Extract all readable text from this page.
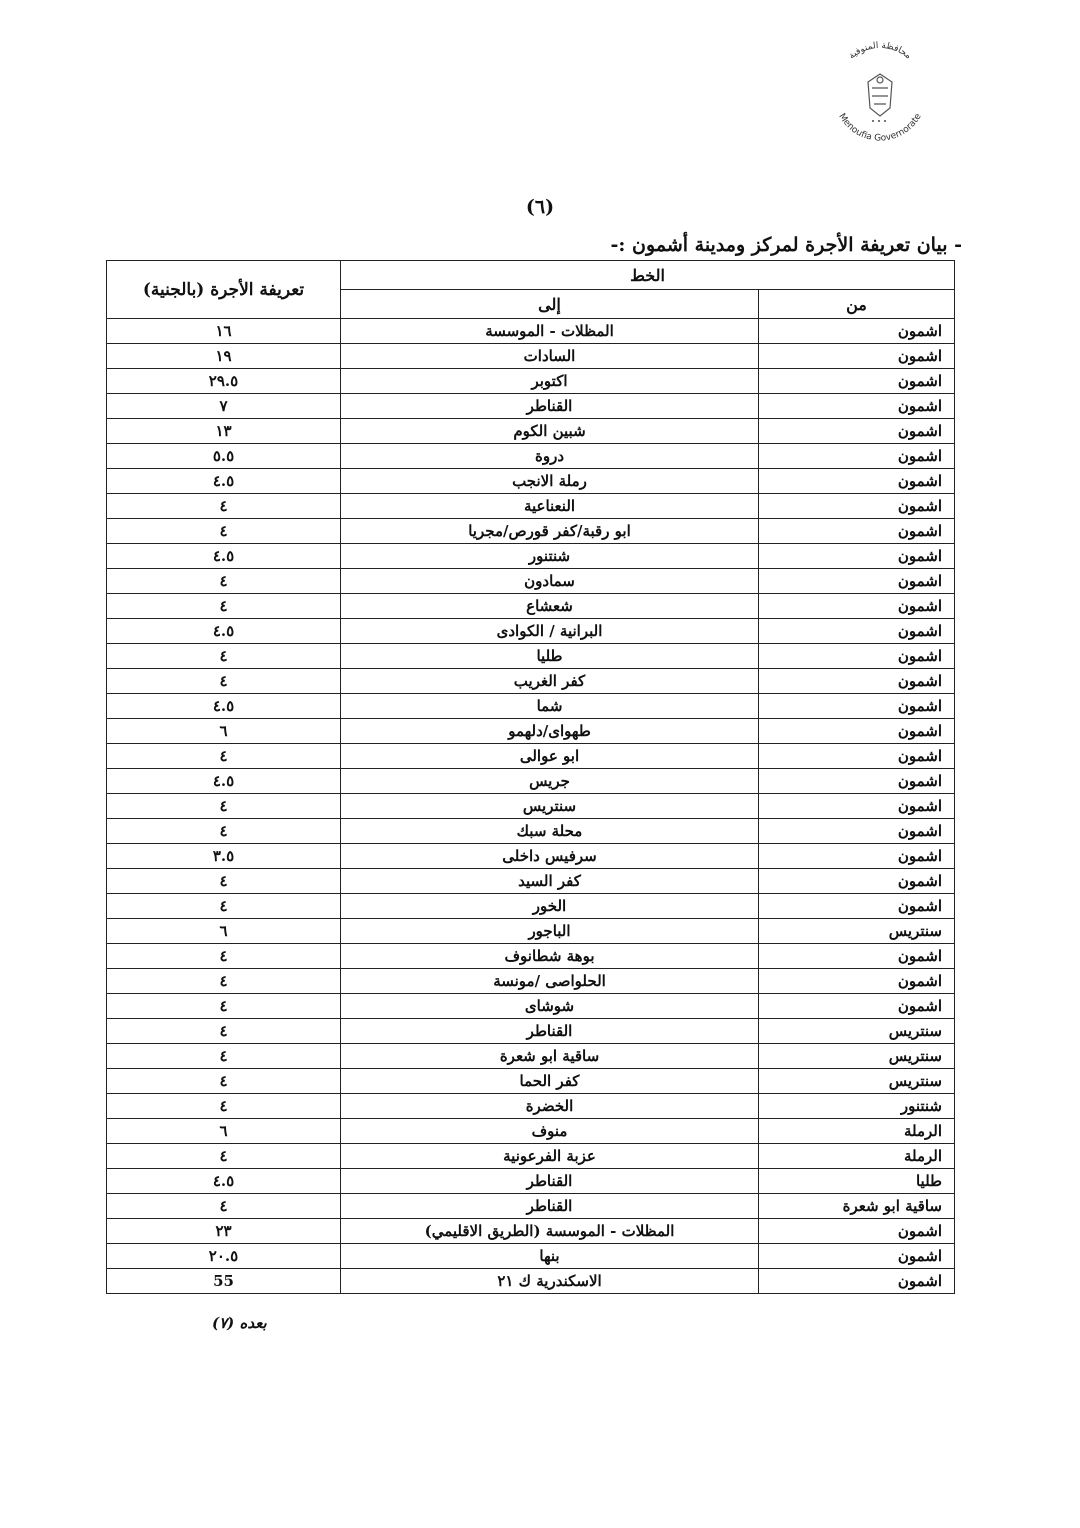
محافظة المنوفية
Menoufia Governorate
(٦)
- بيان تعريفة الأجرة لمركز ومدينة أشمون :-
الخط		تعريفة الأجرة (بالجنية)
من	إلى	
اشمون	المظلات - الموسسة	١٦
اشمون	السادات	١٩
اشمون	اكتوبر	٢٩.٥
اشمون	القناطر	٧
اشمون	شبين الكوم	١٣
اشمون	دروة	٥.٥
اشمون	رملة الانجب	٤.٥
اشمون	النعناعية	٤
اشمون	ابو رقبة/كفر قورص/مجريا	٤
اشمون	شنتنور	٤.٥
اشمون	سمادون	٤
اشمون	شعشاع	٤
اشمون	البرانية / الكوادى	٤.٥
اشمون	طليا	٤
اشمون	كفر الغريب	٤
اشمون	شما	٤.٥
اشمون	طهواى/دلهمو	٦
اشمون	ابو عوالى	٤
اشمون	جريس	٤.٥
اشمون	سنتريس	٤
اشمون	محلة سبك	٤
اشمون	سرفيس داخلى	٣.٥
اشمون	كفر السيد	٤
اشمون	الخور	٤
سنتريس	الباجور	٦
اشمون	بوهة شطانوف	٤
اشمون	الحلواصى /مونسة	٤
اشمون	شوشاى	٤
سنتريس	القناطر	٤
سنتريس	ساقية ابو شعرة	٤
سنتريس	كفر الحما	٤
شنتنور	الخضرة	٤
الرملة	منوف	٦
الرملة	عزبة الفرعونية	٤
طليا	القناطر	٤.٥
ساقية ابو شعرة	القناطر	٤
اشمون	المظلات - الموسسة (الطريق الاقليمي)	٢٣
اشمون	بنها	٢٠.٥
اشمون	الاسكندرية ك ٢١	55
بعده (٧)
